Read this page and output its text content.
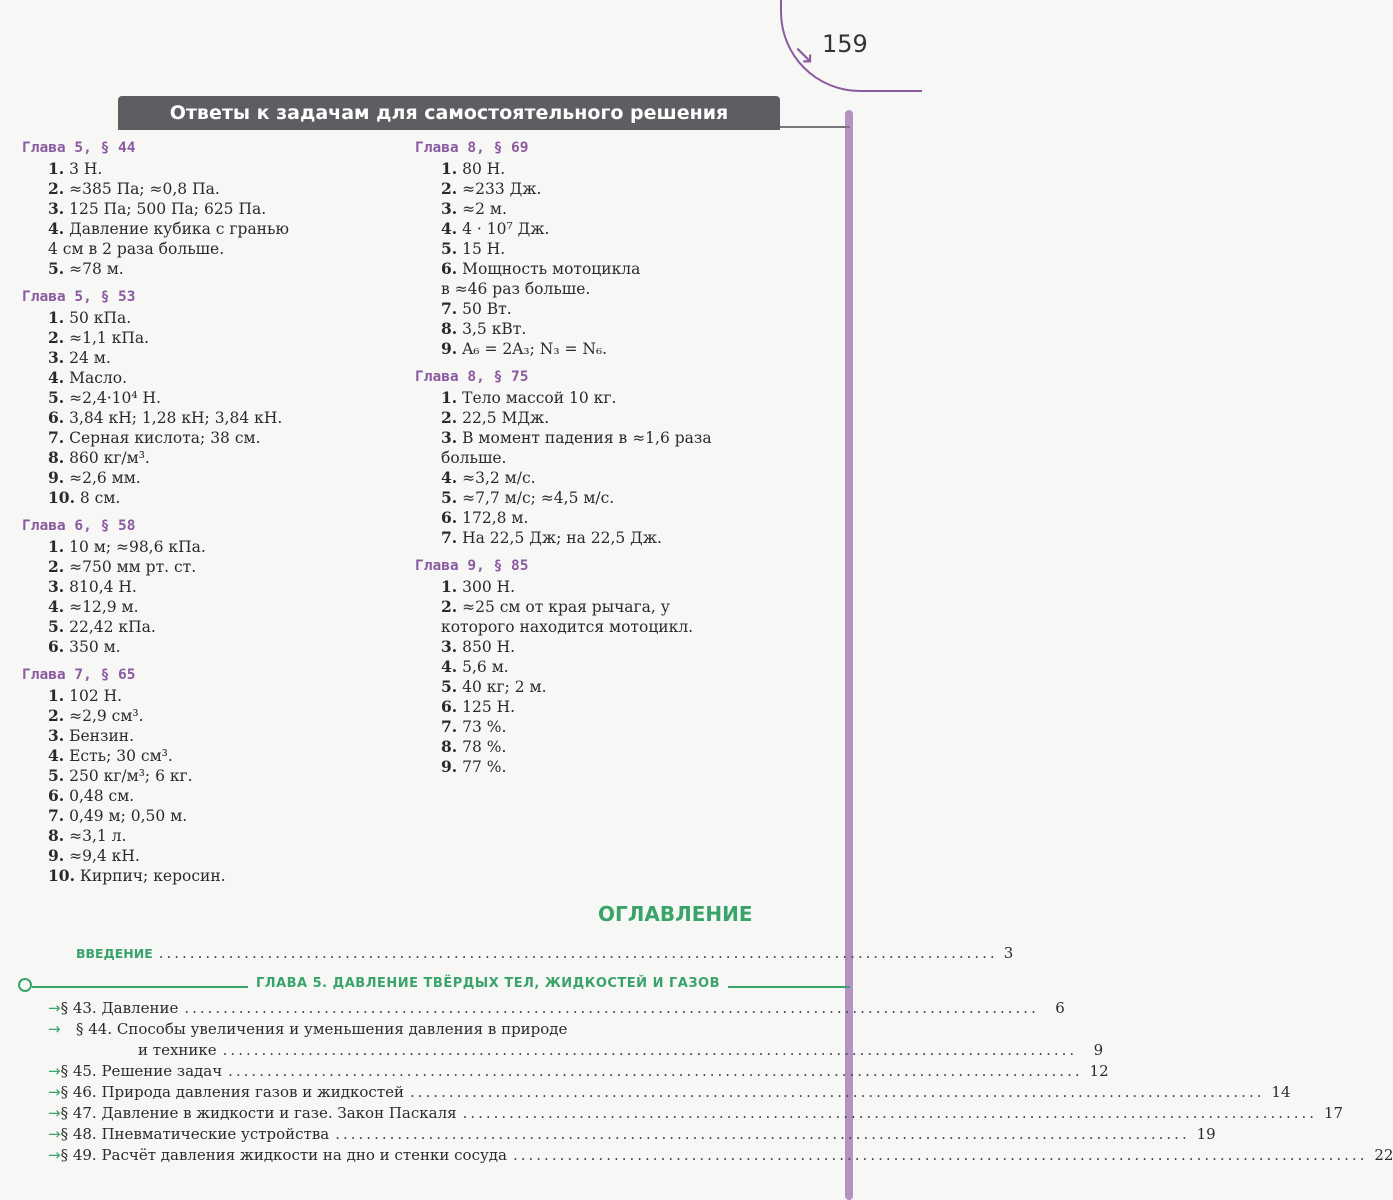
↘ 159
Ответы к задачам для самостоятельного решения
Глава 5, § 44
1. 3 Н.
2. ≈385 Па; ≈0,8 Па.
3. 125 Па; 500 Па; 625 Па.
4. Давление кубика с гранью
4 см в 2 раза больше.
5. ≈78 м.
Глава 5, § 53
1. 50 кПа.
2. ≈1,1 кПа.
3. 24 м.
4. Масло.
5. ≈2,4·10⁴ Н.
6. 3,84 кН; 1,28 кН; 3,84 кН.
7. Серная кислота; 38 см.
8. 860 кг/м³.
9. ≈2,6 мм.
10. 8 см.
Глава 6, § 58
1. 10 м; ≈98,6 кПа.
2. ≈750 мм рт. ст.
3. 810,4 Н.
4. ≈12,9 м.
5. 22,42 кПа.
6. 350 м.
Глава 7, § 65
1. 102 Н.
2. ≈2,9 см³.
3. Бензин.
4. Есть; 30 см³.
5. 250 кг/м³; 6 кг.
6. 0,48 см.
7. 0,49 м; 0,50 м.
8. ≈3,1 л.
9. ≈9,4 кН.
10. Кирпич; керосин.
Глава 8, § 69
1. 80 Н.
2. ≈233 Дж.
3. ≈2 м.
4. 4 · 10⁷ Дж.
5. 15 Н.
6. Мощность мотоцикла
в ≈46 раз больше.
7. 50 Вт.
8. 3,5 кВт.
9. A₆ = 2A₃; N₃ = N₆.
Глава 8, § 75
1. Тело массой 10 кг.
2. 22,5 МДж.
3. В момент падения в ≈1,6 раза
больше.
4. ≈3,2 м/с.
5. ≈7,7 м/с; ≈4,5 м/с.
6. 172,8 м.
7. На 22,5 Дж; на 22,5 Дж.
Глава 9, § 85
1. 300 Н.
2. ≈25 см от края рычага, у
которого находится мотоцикл.
3. 850 Н.
4. 5,6 м.
5. 40 кг; 2 м.
6. 125 Н.
7. 73 %.
8. 78 %.
9. 77 %.
ОГЛАВЛЕНИЕ
ВВЕДЕНИЕ ............................................................................................................ 3
ГЛАВА 5. ДАВЛЕНИЕ ТВЁРДЫХ ТЕЛ, ЖИДКОСТЕЙ И ГАЗОВ
→ § 43. Давление ..............................................................................................................	6
→	§ 44. Способы увеличения и уменьшения давления в природе
и технике ..............................................................................................................	9
→ § 45. Решение задач .............................................................................................................. 12
→ § 46. Природа давления газов и жидкостей .............................................................................................................. 14
→ § 47. Давление в жидкости и газе. Закон Паскаля .............................................................................................................. 17
→ § 48. Пневматические устройства .............................................................................................................. 19
→ § 49. Расчёт давления жидкости на дно и стенки сосуда .............................................................................................................. 22
